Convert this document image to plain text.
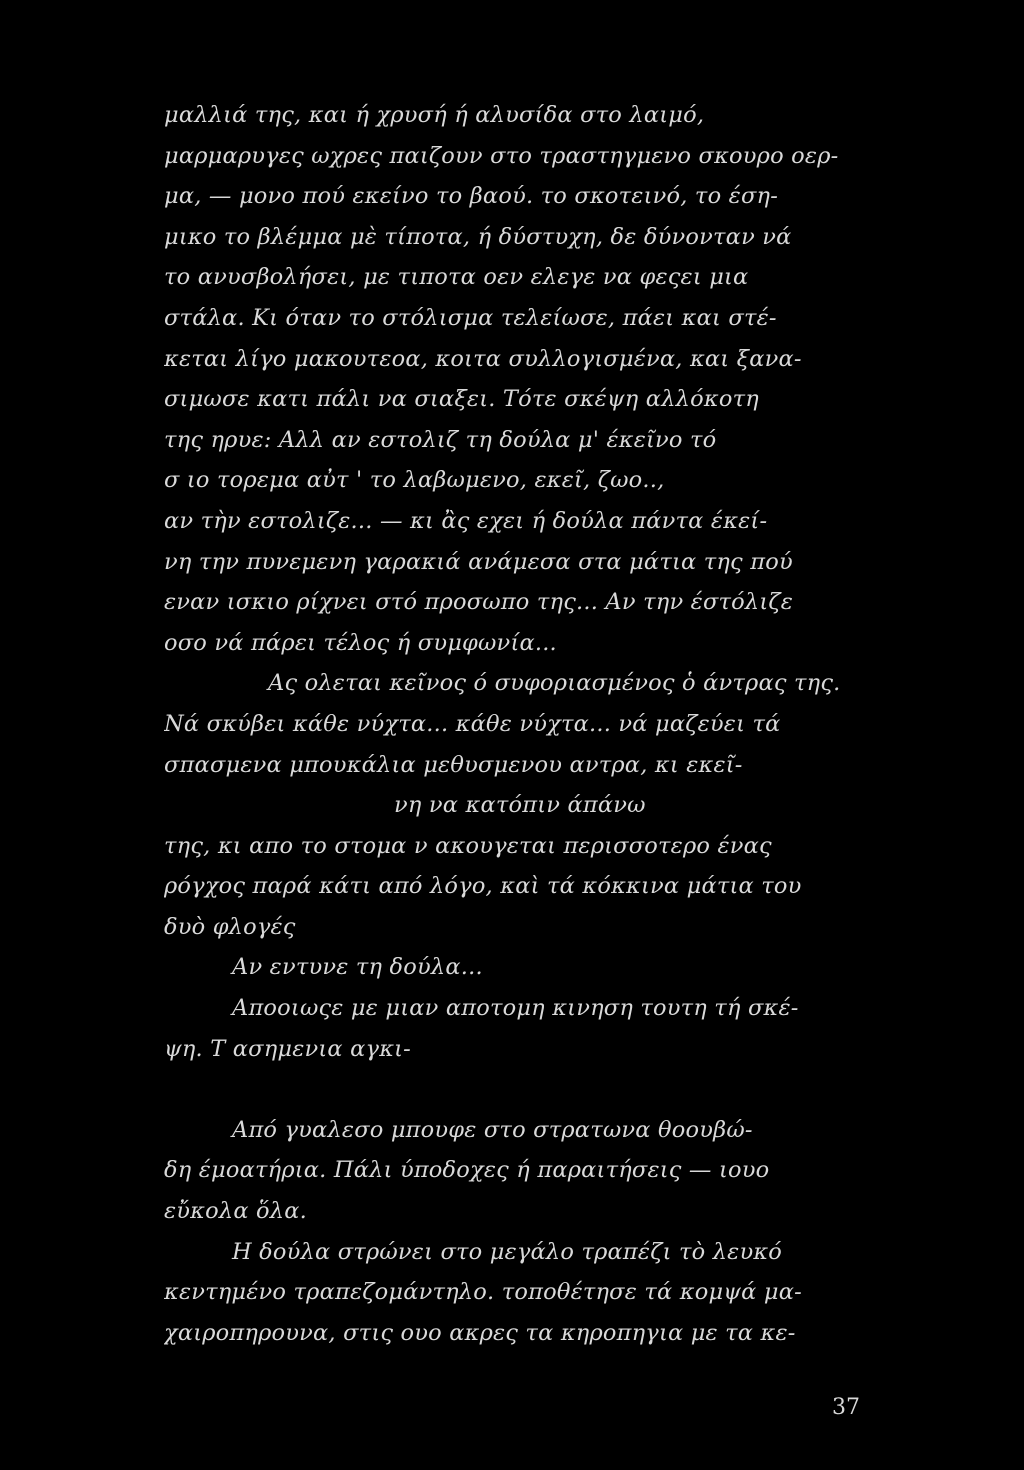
μαλλιά της, και ή χρυσή ή αλυσίδα στο λαιμό,
μαρμαρυγες ωχρες παιζουν στο τραστηγμενο σκουρο οερ-
μα, — μονο πού εκείνο το βαού. το σκοτεινό, το έση-
μικο το βλέμμα μὲ τίποτα, ή δύστυχη, δε δύνονταν νά
το ανυσβολήσει, με τιποτα οεν ελεγε να φεςει μια
στάλα. Κι όταν το στόλισμα τελείωσε, πάει και στέ-
κεται λίγο μακουτεοα, κοιτα συλλογισμένα, και ξανα-
σιμωσε κατι πάλι να σιαξει. Τότε σκέψη αλλόκοτη
της ηρυε: Αλλ αν εστολιζ τη δούλα μ' έκεῖνο τό
σ ιο τορεμα αὐτ ' το λαβωμενο, εκεῖ, ζωο..,
αν τὴν εστολιζε... — κι ἂς εχει ή δούλα πάντα έκεί-
νη την πυνεμενη γαρακιά ανάμεσα στα μάτια της πού
εναν ισκιο ρίχνει στό προσωπο της... Αν την έστόλιζε
οσο νά πάρει τέλος ή συμφωνία...
Ας ολεται κεῖνος ό συφοριασμένος ὁ άντρας της.
Νά σκύβει κάθε νύχτα... κάθε νύχτα... νά μαζεύει τά
σπασμενα μπουκάλια μεθυσμενου αντρα, κι εκεῖ-
νη να κατόπιν άπάνω
της, κι απο το στομα ν ακουγεται περισσοτερο ένας
ρόγχος παρά κάτι από λόγο, καὶ τά κόκκινα μάτια του
δυὸ φλογές
Αν εντυνε τη δούλα...
Αποοιωςε με μιαν αποτομη κινηση τουτη τή σκέ-
ψη. Τ ασημενια αγκι-
Από γυαλεσο μπουφε στο στρατωνα θοουβώ-
δη έμοατήρια. Πάλι ύποδοχες ή παραιτήσεις — ιουο
εὔκολα ὅλα.
Η δούλα στρώνει στο μεγάλο τραπέζι τὸ λευκό
κεντημένο τραπεζομάντηλο. τοποθέτησε τά κομψά μα-
χαιροπηρουνα, στις ουο ακρες τα κηροπηγια με τα κε-
37
